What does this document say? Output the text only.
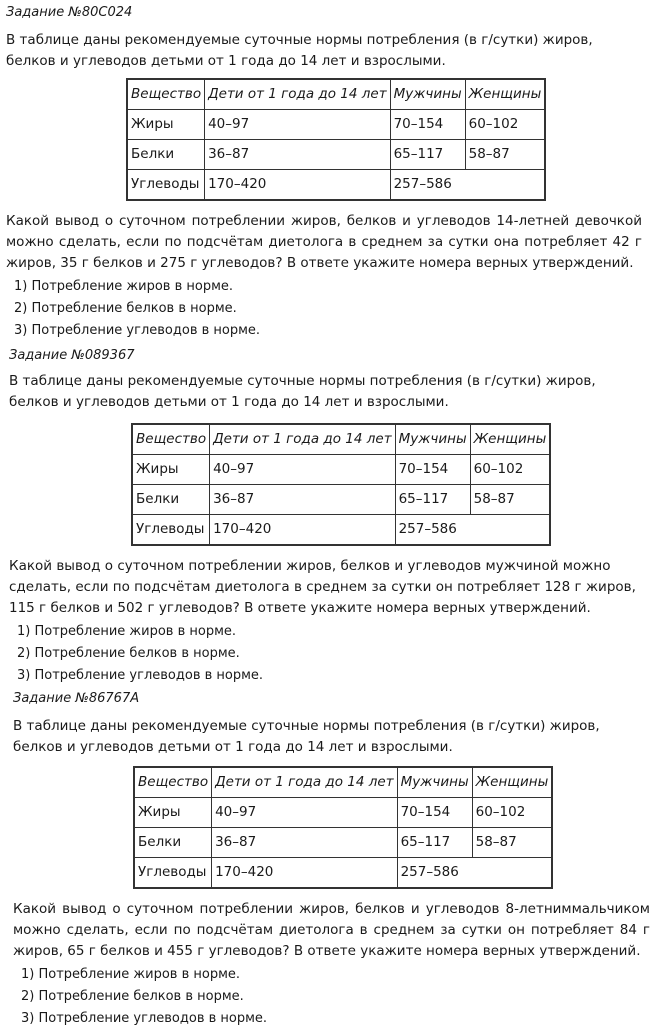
Задание №80C024

В таблице даны рекомендуемые суточные нормы потребления (в г/сутки) жиров, белков и углеводов детьми от 1 года до 14 лет и взрослыми.

Вещество	Дети от 1 года до 14 лет	Мужчины	Женщины
Жиры	40–97	70–154	60–102
Белки	36–87	65–117	58–87
Углеводы	170–420	257–586	

Какой вывод о суточном потреблении жиров, белков и углеводов 14-летней девочкой можно сделать, если по подсчётам диетолога в среднем за сутки она потребляет 42 г жиров, 35 г белков и 275 г углеводов? В ответе укажите номера верных утверждений.

1) Потребление жиров в норме.
2) Потребление белков в норме.
3) Потребление углеводов в норме.

Задание №089367

В таблице даны рекомендуемые суточные нормы потребления (в г/сутки) жиров, белков и углеводов детьми от 1 года до 14 лет и взрослыми.

Вещество	Дети от 1 года до 14 лет	Мужчины	Женщины
Жиры	40–97	70–154	60–102
Белки	36–87	65–117	58–87
Углеводы	170–420	257–586	

Какой вывод о суточном потреблении жиров, белков и углеводов мужчиной можно сделать, если по подсчётам диетолога в среднем за сутки он потребляет 128 г жиров, 115 г белков и 502 г углеводов? В ответе укажите номера верных утверждений.

1) Потребление жиров в норме.
2) Потребление белков в норме.
3) Потребление углеводов в норме.

Задание №86767A

В таблице даны рекомендуемые суточные нормы потребления (в г/сутки) жиров, белков и углеводов детьми от 1 года до 14 лет и взрослыми.

Вещество	Дети от 1 года до 14 лет	Мужчины	Женщины
Жиры	40–97	70–154	60–102
Белки	36–87	65–117	58–87
Углеводы	170–420	257–586	

Какой вывод о суточном потреблении жиров, белков и углеводов 8-летниммальчиком можно сделать, если по подсчётам диетолога в среднем за сутки он потребляет 84 г жиров, 65 г белков и 455 г углеводов? В ответе укажите номера верных утверждений.

1) Потребление жиров в норме.
2) Потребление белков в норме.
3) Потребление углеводов в норме.
